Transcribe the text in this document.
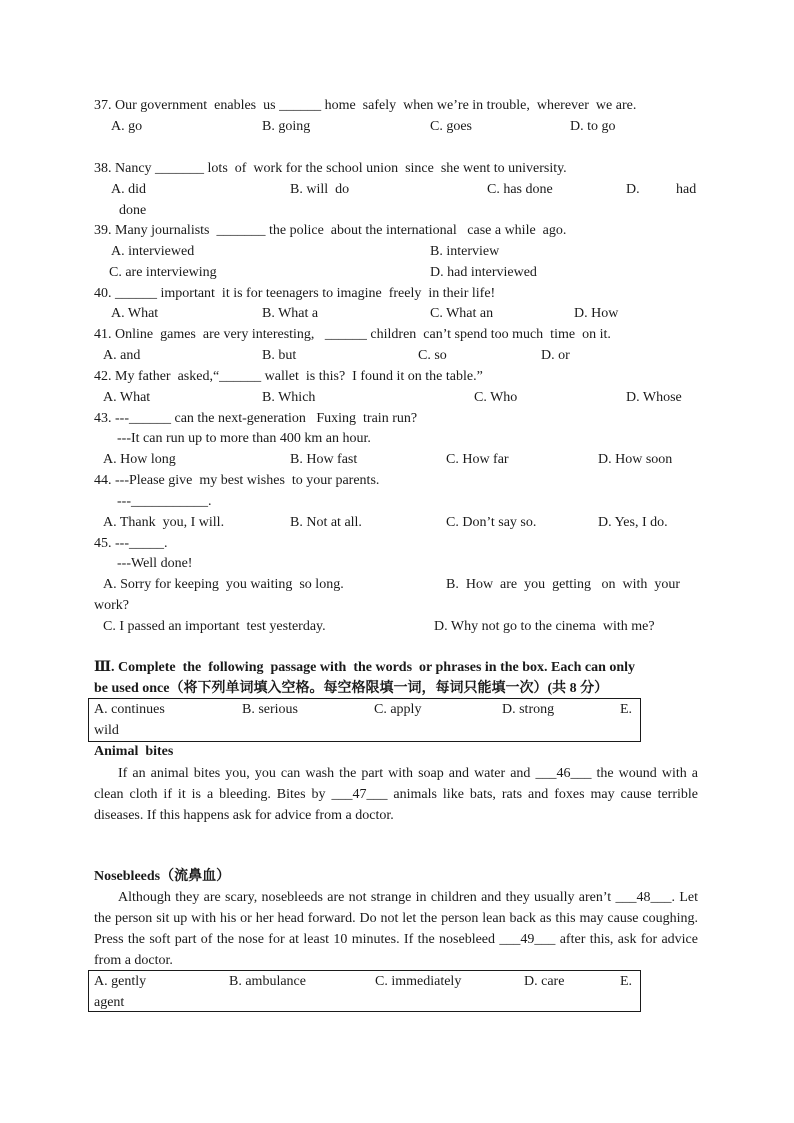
37. Our government  enables  us ______ home  safely  when we’re in trouble,  wherever  we are.
A. go	B. going	C. goes	D. to go
38. Nancy _______ lots  of  work for the school union  since  she went to university.
A. did	B. will  do	C. has done	D.	had
done
39. Many journalists  _______ the police  about the international   case a while  ago.
A. interviewed	B. interview
C. are interviewing	D. had interviewed
40. ______ important  it is for teenagers to imagine  freely  in their life!
A. What	B. What a	C. What an	D. How
41. Online  games  are very interesting,   ______ children  can’t spend too much  time  on it.
A. and	B. but	C. so	D. or
42. My father  asked,“______ wallet  is this?  I found it on the table.”
A. What	B. Which	C. Who	D. Whose
43. ---______ can the next-generation   Fuxing  train run?
---It can run up to more than 400 km an hour.
A. How long	B. How fast	C. How far	D. How soon
44. ---Please give  my best wishes  to your parents.
---___________.
A. Thank  you, I will.	B. Not at all.	C. Don’t say so.	D. Yes, I do.
45. ---_____.
---Well done!
A. Sorry for keeping  you waiting  so long.	B.  How  are  you  getting   on  with  your
work?
C. I passed an important  test yesterday.	D. Why not go to the cinema  with me?
Ⅲ. Complete  the  following  passage with  the words  or phrases in the box. Each can only
be used once（将下列单词填入空格。每空格限填一词，每词只能填一次）(共 8 分）
A. continues	B. serious	C. apply	D. strong	E.
wild
Animal  bites
If an animal bites you, you can wash the part with soap and water and ___46___ the wound with a clean cloth if it is a bleeding. Bites by ___47___ animals like bats, rats and foxes may cause terrible diseases. If this happens ask for advice from a doctor.
Nosebleeds（流鼻血）
Although they are scary, nosebleeds are not strange in children and they usually aren’t ___48___. Let the person sit up with his or her head forward. Do not let the person lean back as this may cause coughing. Press the soft part of the nose for at least 10 minutes. If the nosebleed ___49___ after this, ask for advice from a doctor.
A. gently	B. ambulance	C. immediately	D. care	E.
agent
